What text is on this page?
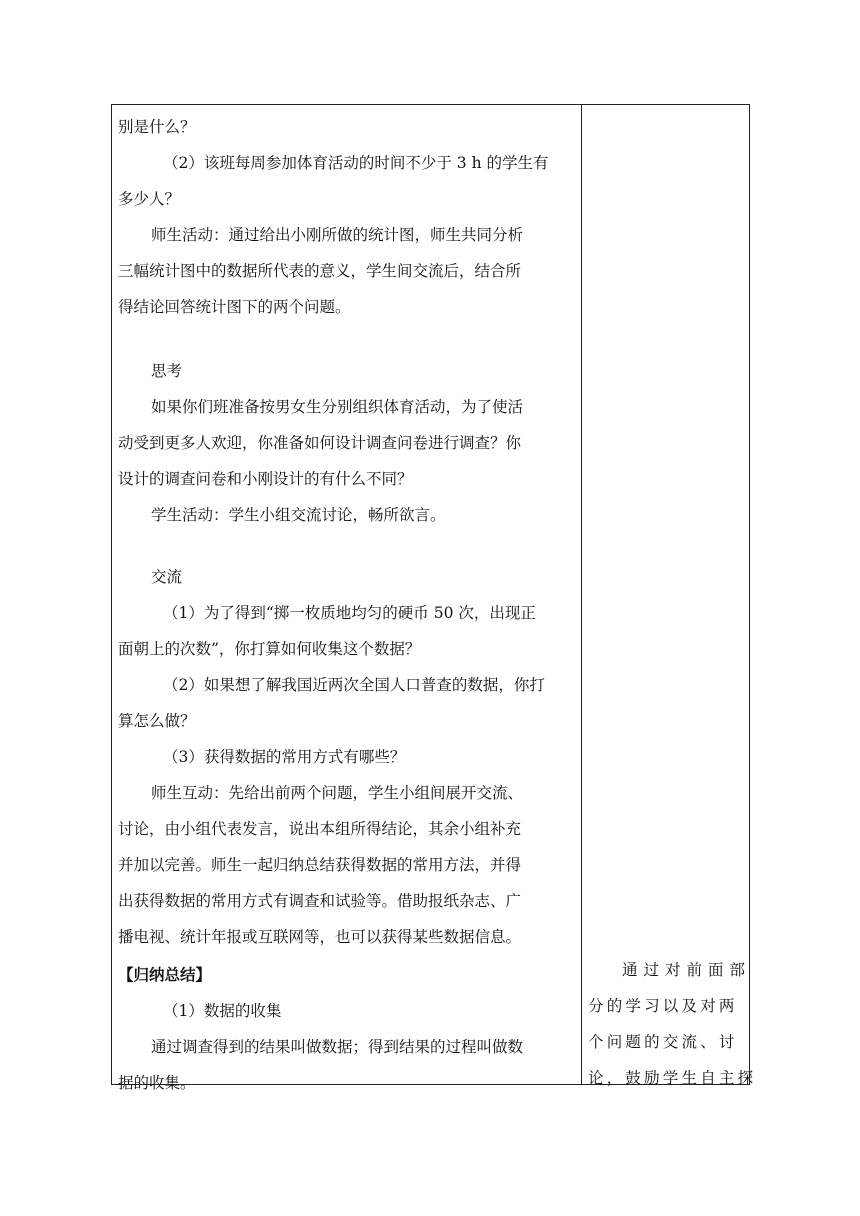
别是什么？
（2）该班每周参加体育活动的时间不少于 3 h 的学生有
多少人？
师生活动：通过给出小刚所做的统计图，师生共同分析
三幅统计图中的数据所代表的意义，学生间交流后，结合所
得结论回答统计图下的两个问题。
思考
如果你们班准备按男女生分别组织体育活动，为了使活
动受到更多人欢迎，你准备如何设计调查问卷进行调查？你
设计的调查问卷和小刚设计的有什么不同？
学生活动：学生小组交流讨论，畅所欲言。
交流
（1）为了得到“掷一枚质地均匀的硬币 50 次，出现正
面朝上的次数”，你打算如何收集这个数据？
（2）如果想了解我国近两次全国人口普查的数据，你打
算怎么做？
（3）获得数据的常用方式有哪些？
师生互动：先给出前两个问题，学生小组间展开交流、
讨论，由小组代表发言，说出本组所得结论，其余小组补充
并加以完善。师生一起归纳总结获得数据的常用方法，并得
出获得数据的常用方式有调查和试验等。借助报纸杂志、广
播电视、统计年报或互联网等，也可以获得某些数据信息。
【归纳总结】
（1）数据的收集
通过调查得到的结果叫做数据；得到结果的过程叫做数
据的收集。
通过对前面部
分的学习以及对两
个问题的交流、讨
论，鼓励学生自主探
